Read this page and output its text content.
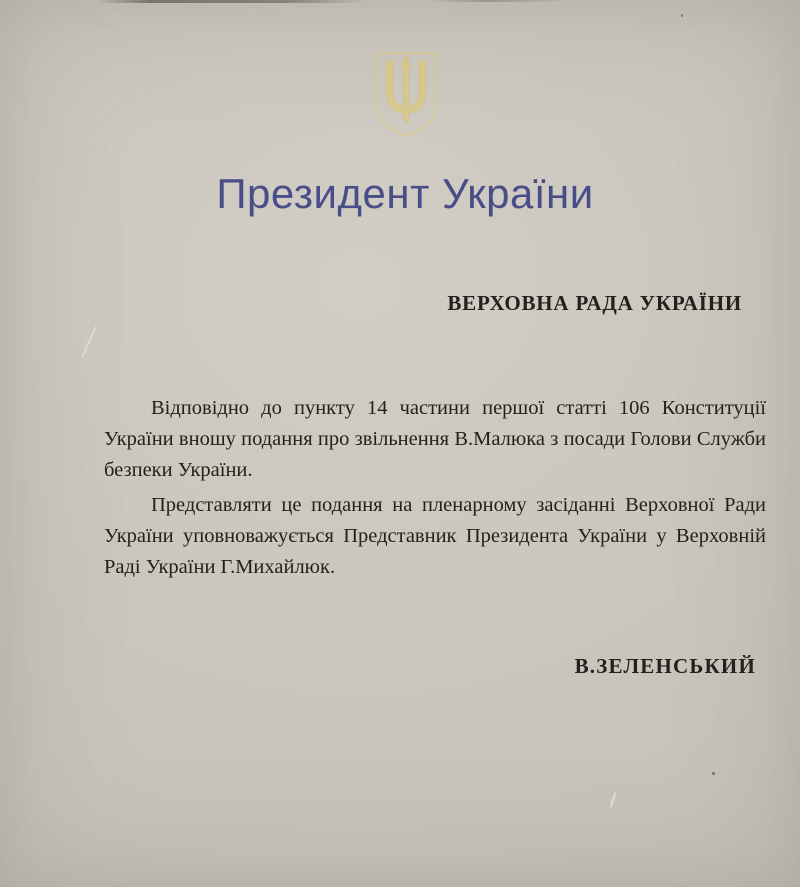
Президент України
ВЕРХОВНА РАДА УКРАЇНИ

Відповідно до пункту 14 частини першої статті 106 Конституції України вношу подання про звільнення В.Малюка з посади Голови Служби безпеки України.

Представляти це подання на пленарному засіданні Верховної Ради України уповноважується Представник Президента України у Верховній Раді України Г.Михайлюк.

В.ЗЕЛЕНСЬКИЙ
